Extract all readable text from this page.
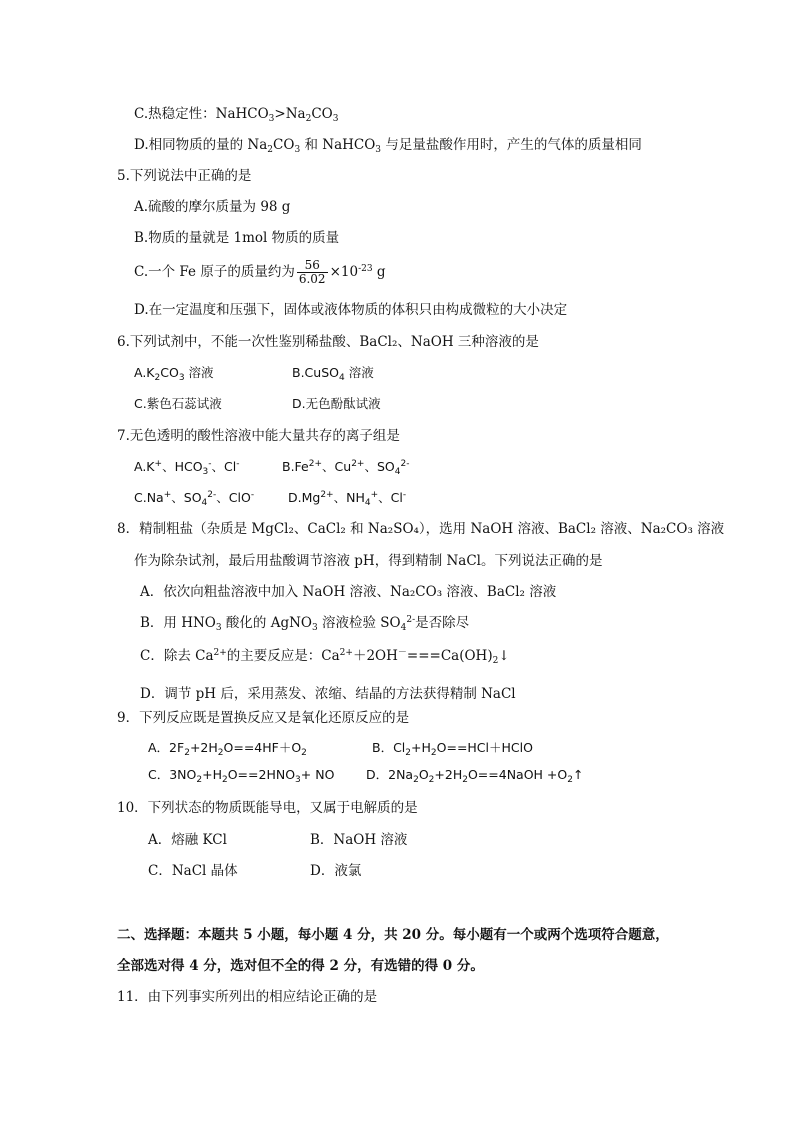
C.热稳定性：$NaHCO_3>Na_2CO_3$
D.相同物质的量的 $Na_2CO_3$ 和 NaHCO$_3$ 与足量盐酸作用时，产生的气体的质量相同
5.下列说法中正确的是
A.硫酸的摩尔质量为 98 g
B.物质的量就是 1mol 物质的质量
C.一个 Fe 原子的质量约为 $\frac{56}{6.02} \times 10^{-23}$ g
D.在一定温度和压强下，固体或液体物质的体积只由构成微粒的大小决定
6.下列试剂中，不能一次性鉴别稀盐酸、BaCl₂、NaOH 三种溶液的是
$A.K_2CO_3$ 溶液	B.CuSO$_4$ 溶液
C.紫色石蕊试液	D.无色酚酞试液
7.无色透明的酸性溶液中能大量共存的离子组是
A.K+、$HCO_3^-$、Cl-	$B.Fe^{2+}$、$Cu^{2+}$、$SO_4^{2-}$
C.Na+、$SO_4^{2-}$、ClO-	$D.Mg^{2+}$、$NH_4^+$、Cl-
8．精制粗盐（杂质是 MgCl₂、CaCl₂ 和 Na₂SO₄），选用 NaOH 溶液、BaCl₂ 溶液、Na₂CO₃ 溶液
作为除杂试剂，最后用盐酸调节溶液 pH，得到精制 NaCl。下列说法正确的是
A．依次向粗盐溶液中加入 NaOH 溶液、Na₂CO₃ 溶液、BaCl₂ 溶液
B．用 $HNO_3$ 酸化的 AgNO$_3$ 溶液检验 $SO_4^{2-}$是否除尽
C．除去 $Ca^{2+}$的主要反应是：$Ca^{2+}+2OH^-===Ca(OH)_2↓$
D．调节 pH 后，采用蒸发、浓缩、结晶的方法获得精制 NaCl
9．下列反应既是置换反应又是氧化还原反应的是
A．$2F_2+2H_2O==4HF+O_2$	B．$Cl_2+H_2O==HCl+HClO$
C．$3NO_2+H_2O==2HNO_3+$ NO	D．$2Na_2O_2+2H_2O==4NaOH$ $+O_2↑$
10．下列状态的物质既能导电，又属于电解质的是
A．熔融 KCl	B．NaOH 溶液
C．NaCl 晶体	D．液氯
二、选择题：本题共 5 小题，每小题 4 分，共 20 分。每小题有一个或两个选项符合题意，
全部选对得 4 分，选对但不全的得 2 分，有选错的得 0 分。
11．由下列事实所列出的相应结论正确的是
